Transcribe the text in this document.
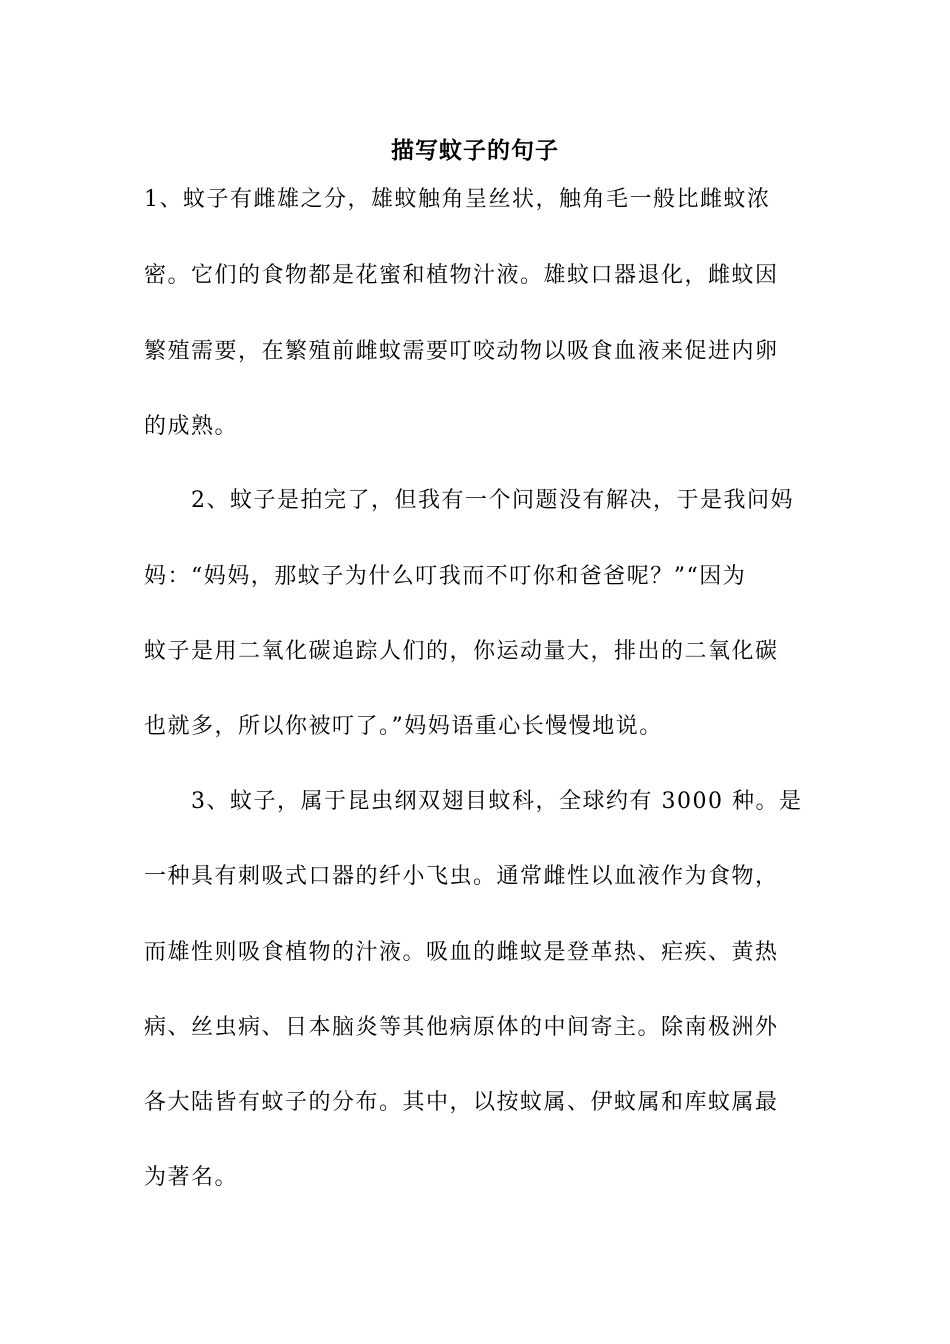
描写蚊子的句子
1、蚊子有雌雄之分，雄蚊触角呈丝状，触角毛一般比雌蚊浓
密。它们的食物都是花蜜和植物汁液。雄蚊口器退化，雌蚊因
繁殖需要，在繁殖前雌蚊需要叮咬动物以吸食血液来促进内卵
的成熟。
　　2、蚊子是拍完了，但我有一个问题没有解决，于是我问妈
妈：“妈妈，那蚊子为什么叮我而不叮你和爸爸呢？”“因为
蚊子是用二氧化碳追踪人们的，你运动量大，排出的二氧化碳
也就多，所以你被叮了。”妈妈语重心长慢慢地说。
　　3、蚊子，属于昆虫纲双翅目蚊科，全球约有 3000 种。是
一种具有刺吸式口器的纤小飞虫。通常雌性以血液作为食物，
而雄性则吸食植物的汁液。吸血的雌蚊是登革热、疟疾、黄热
病、丝虫病、日本脑炎等其他病原体的中间寄主。除南极洲外
各大陆皆有蚊子的分布。其中，以按蚊属、伊蚊属和库蚊属最
为著名。
